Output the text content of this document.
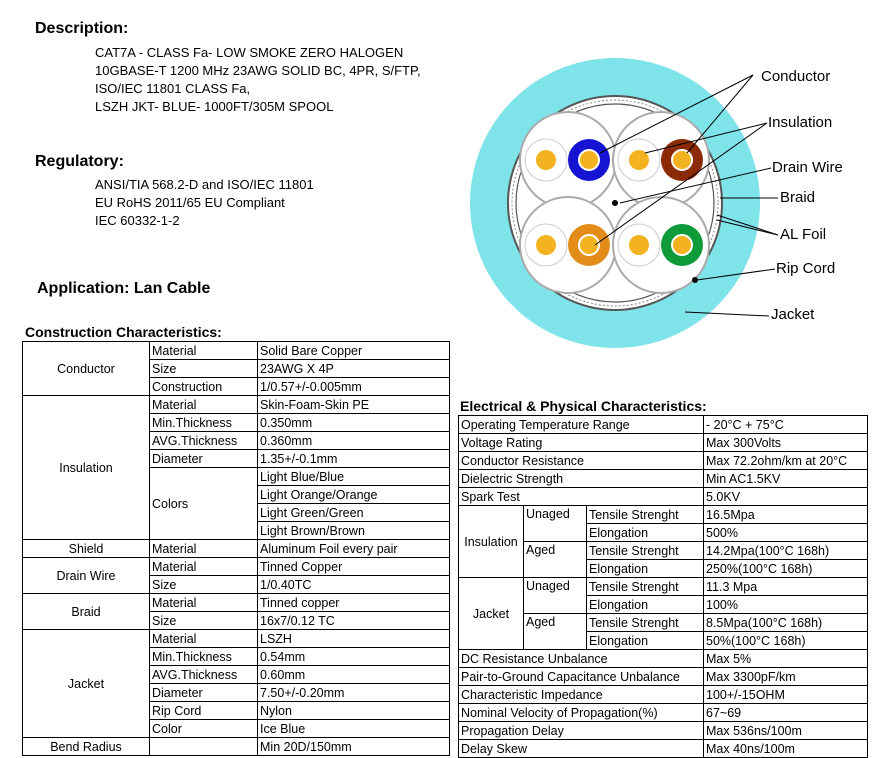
Description:
CAT7A - CLASS Fa- LOW SMOKE ZERO HALOGEN
10GBASE-T 1200 MHz 23AWG SOLID BC, 4PR, S/FTP,
ISO/IEC 11801 CLASS Fa,
LSZH JKT- BLUE- 1000FT/305M SPOOL
Regulatory:
ANSI/TIA 568.2-D and ISO/IEC 11801
EU RoHS 2011/65 EU Compliant
IEC 60332-1-2
Application: Lan Cable
Conductor
Insulation
Drain Wire
Braid
AL Foil
Rip Cord
Jacket
Construction Characteristics:
Conductor	Material	Solid Bare Copper
	Size	23AWG X 4P
	Construction	1/0.57+/-0.005mm
Insulation	Material	Skin-Foam-Skin PE
	Min.Thickness	0.350mm
	AVG.Thickness	0.360mm
	Diameter	1.35+/-0.1mm
	Colors	Light Blue/Blue
		Light Orange/Orange
		Light Green/Green
		Light Brown/Brown
Shield	Material	Aluminum Foil every pair
Drain Wire	Material	Tinned Copper
	Size	1/0.40TC
Braid	Material	Tinned copper
	Size	16x7/0.12 TC
Jacket	Material	LSZH
	Min.Thickness	0.54mm
	AVG.Thickness	0.60mm
	Diameter	7.50+/-0.20mm
	Rip Cord	Nylon
	Color	Ice Blue
Bend Radius		Min 20D/150mm
Electrical & Physical Characteristics:
Operating Temperature Range			- 20°C + 75°C
Voltage Rating			Max 300Volts
Conductor Resistance			Max 72.2ohm/km at 20°C
Dielectric Strength			Min AC1.5KV
Spark Test			5.0KV
Insulation	Unaged	Tensile Strenght	16.5Mpa
		Elongation	500%
	Aged	Tensile Strenght	14.2Mpa(100°C 168h)
		Elongation	250%(100°C 168h)
Jacket	Unaged	Tensile Strenght	11.3 Mpa
		Elongation	100%
	Aged	Tensile Strenght	8.5Mpa(100°C 168h)
		Elongation	50%(100°C 168h)
DC Resistance Unbalance			Max 5%
Pair-to-Ground Capacitance Unbalance			Max 3300pF/km
Characteristic Impedance			100+/-15OHM
Nominal Velocity of Propagation(%)			67~69
Propagation Delay			Max 536ns/100m
Delay Skew			Max 40ns/100m
